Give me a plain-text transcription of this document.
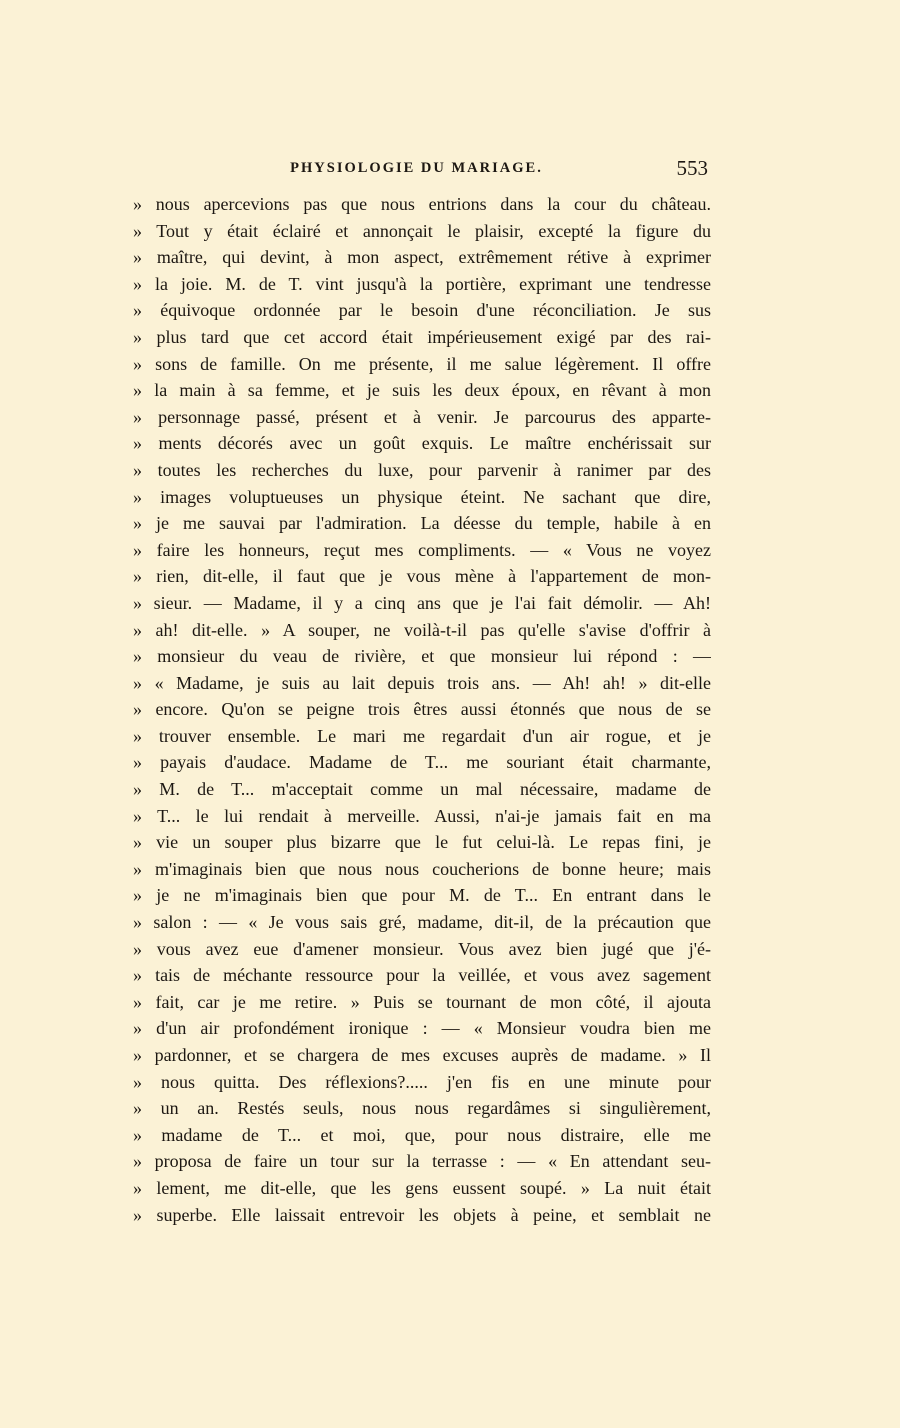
PHYSIOLOGIE DU MARIAGE.	553
» nous apercevions pas que nous entrions dans la cour du château.
» Tout y était éclairé et annonçait le plaisir, excepté la figure du
» maître, qui devint, à mon aspect, extrêmement rétive à exprimer
» la joie. M. de T. vint jusqu'à la portière, exprimant une tendresse
» équivoque ordonnée par le besoin d'une réconciliation. Je sus
» plus tard que cet accord était impérieusement exigé par des rai-
» sons de famille. On me présente, il me salue légèrement. Il offre
» la main à sa femme, et je suis les deux époux, en rêvant à mon
» personnage passé, présent et à venir. Je parcourus des apparte-
» ments décorés avec un goût exquis. Le maître enchérissait sur
» toutes les recherches du luxe, pour parvenir à ranimer par des
» images voluptueuses un physique éteint. Ne sachant que dire,
» je me sauvai par l'admiration. La déesse du temple, habile à en
» faire les honneurs, reçut mes compliments. — « Vous ne voyez
» rien, dit-elle, il faut que je vous mène à l'appartement de mon-
» sieur. — Madame, il y a cinq ans que je l'ai fait démolir. — Ah!
» ah! dit-elle. » A souper, ne voilà-t-il pas qu'elle s'avise d'offrir à
» monsieur du veau de rivière, et que monsieur lui répond : —
» « Madame, je suis au lait depuis trois ans. — Ah! ah! » dit-elle
» encore. Qu'on se peigne trois êtres aussi étonnés que nous de se
» trouver ensemble. Le mari me regardait d'un air rogue, et je
» payais d'audace. Madame de T... me souriant était charmante,
» M. de T... m'acceptait comme un mal nécessaire, madame de
» T... le lui rendait à merveille. Aussi, n'ai-je jamais fait en ma
» vie un souper plus bizarre que le fut celui-là. Le repas fini, je
» m'imaginais bien que nous nous coucherions de bonne heure; mais
» je ne m'imaginais bien que pour M. de T... En entrant dans le
» salon : — « Je vous sais gré, madame, dit-il, de la précaution que
» vous avez eue d'amener monsieur. Vous avez bien jugé que j'é-
» tais de méchante ressource pour la veillée, et vous avez sagement
» fait, car je me retire. » Puis se tournant de mon côté, il ajouta
» d'un air profondément ironique : — « Monsieur voudra bien me
» pardonner, et se chargera de mes excuses auprès de madame. » Il
» nous quitta. Des réflexions?..... j'en fis en une minute pour
» un an. Restés seuls, nous nous regardâmes si singulièrement,
» madame de T... et moi, que, pour nous distraire, elle me
» proposa de faire un tour sur la terrasse : — « En attendant seu-
» lement, me dit-elle, que les gens eussent soupé. » La nuit était
» superbe. Elle laissait entrevoir les objets à peine, et semblait ne
